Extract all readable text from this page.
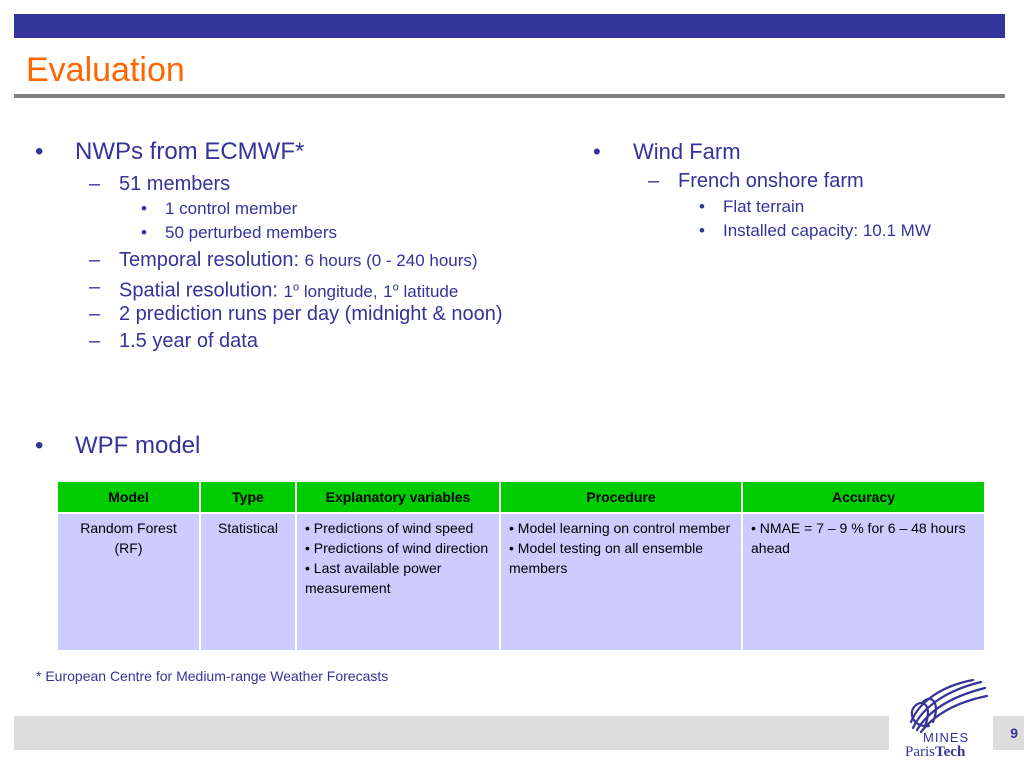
Evaluation
• NWPs from ECMWF*
– 51 members
• 1 control member
• 50 perturbed members
– Temporal resolution: 6 hours (0 - 240 hours)
– Spatial resolution: 1$^o$ longitude, 1$^o$ latitude
– 2 prediction runs per day (midnight & noon)
– 1.5 year of data
• Wind Farm
– French onshore farm
• Flat terrain
• Installed capacity: 10.1 MW
• WPF model
Model	Type	Explanatory variables	Procedure	Accuracy
Random Forest (RF)	Statistical	• Predictions of wind speed
• Predictions of wind direction
• Last available power measurement	• Model learning on control member
• Model testing on all ensemble members	• NMAE = 7 – 9 % for 6 – 48 hours ahead
* European Centre for Medium-range Weather Forecasts
MINES
ParisTech
9
